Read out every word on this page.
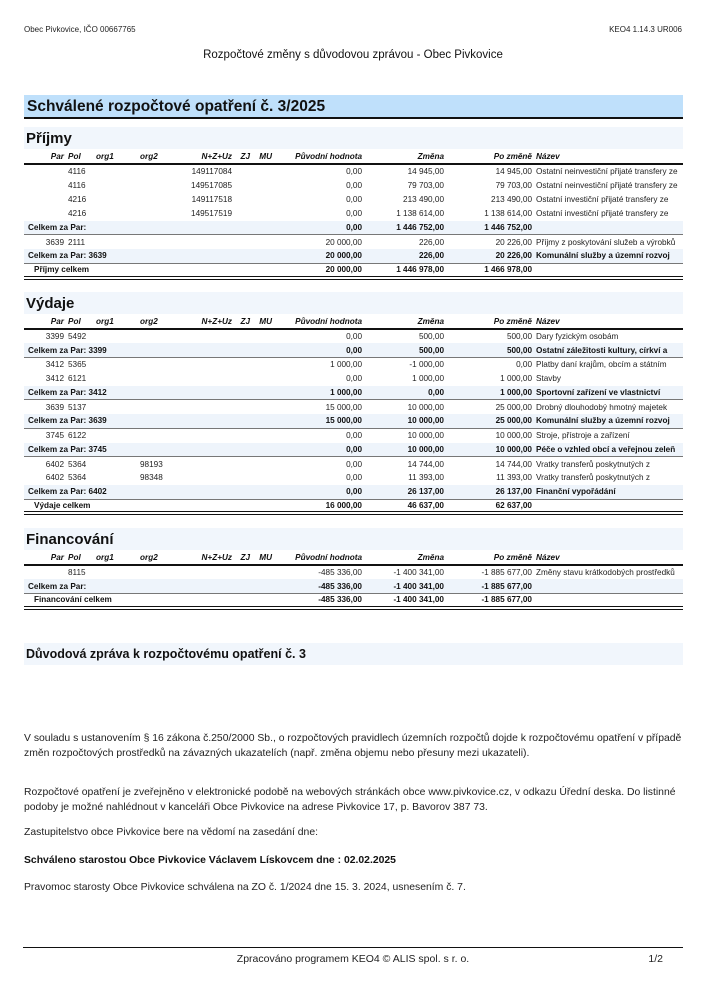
Obec Pivkovice, IČO 00667765	KEO4 1.14.3 UR006
Rozpočtové změny s důvodovou zprávou - Obec Pivkovice
Schválené rozpočtové opatření č. 3/2025
Příjmy
Par	Pol	org1	org2	N+Z+Uz	ZJ	MU	Původní hodnota	Změna	Po změně	Název
	4116			149117084			0,00	14 945,00	14 945,00	Ostatní neinvestiční přijaté transfery ze
	4116			149517085			0,00	79 703,00	79 703,00	Ostatní neinvestiční přijaté transfery ze
	4216			149117518			0,00	213 490,00	213 490,00	Ostatní investiční přijaté transfery ze
	4216			149517519			0,00	1 138 614,00	1 138 614,00	Ostatní investiční přijaté transfery ze
Celkem za Par:							0,00	1 446 752,00	1 446 752,00	
3639	2111						20 000,00	226,00	20 226,00	Příjmy z poskytování služeb a výrobků
Celkem za Par: 3639							20 000,00	226,00	20 226,00	Komunální služby a územní rozvoj
Příjmy celkem							20 000,00	1 446 978,00	1 466 978,00	
Výdaje
Par	Pol	org1	org2	N+Z+Uz	ZJ	MU	Původní hodnota	Změna	Po změně	Název
3399	5492						0,00	500,00	500,00	Dary fyzickým osobám
Celkem za Par: 3399							0,00	500,00	500,00	Ostatní záležitosti kultury, církví a
3412	5365						1 000,00	-1 000,00	0,00	Platby daní krajům, obcím a státním
3412	6121						0,00	1 000,00	1 000,00	Stavby
Celkem za Par: 3412							1 000,00	0,00	1 000,00	Sportovní zařízení ve vlastnictví
3639	5137						15 000,00	10 000,00	25 000,00	Drobný dlouhodobý hmotný majetek
Celkem za Par: 3639							15 000,00	10 000,00	25 000,00	Komunální služby a územní rozvoj
3745	6122						0,00	10 000,00	10 000,00	Stroje, přístroje a zařízení
Celkem za Par: 3745							0,00	10 000,00	10 000,00	Péče o vzhled obcí a veřejnou zeleň
6402	5364		98193				0,00	14 744,00	14 744,00	Vratky transferů poskytnutých z
6402	5364		98348				0,00	11 393,00	11 393,00	Vratky transferů poskytnutých z
Celkem za Par: 6402							0,00	26 137,00	26 137,00	Finanční vypořádání
Výdaje celkem							16 000,00	46 637,00	62 637,00	
Financování
Par	Pol	org1	org2	N+Z+Uz	ZJ	MU	Původní hodnota	Změna	Po změně	Název
	8115						-485 336,00	-1 400 341,00	-1 885 677,00	Změny stavu krátkodobých prostředků
Celkem za Par:							-485 336,00	-1 400 341,00	-1 885 677,00	
Financování celkem							-485 336,00	-1 400 341,00	-1 885 677,00	
Důvodová zpráva k rozpočtovému opatření č. 3
V souladu s ustanovením § 16 zákona č.250/2000 Sb., o rozpočtových pravidlech územních rozpočtů dojde k rozpočtovému opatření v případě změn rozpočtových prostředků na závazných ukazatelích (např. změna objemu nebo přesuny mezi ukazateli).
Rozpočtové opatření je zveřejněno v elektronické podobě na webových stránkách obce www.pivkovice.cz, v odkazu Úřední deska. Do listinné podoby je možné nahlédnout v kanceláři Obce Pivkovice na adrese Pivkovice 17, p. Bavorov 387 73.
Zastupitelstvo obce Pivkovice bere na vědomí na zasedání dne:
Schváleno starostou Obce Pivkovice Václavem Lískovcem dne : 02.02.2025
Pravomoc starosty Obce Pivkovice schválena na ZO č. 1/2024 dne 15. 3. 2024, usnesením č. 7.
Zpracováno programem KEO4 © ALIS spol. s r. o.	1/2
